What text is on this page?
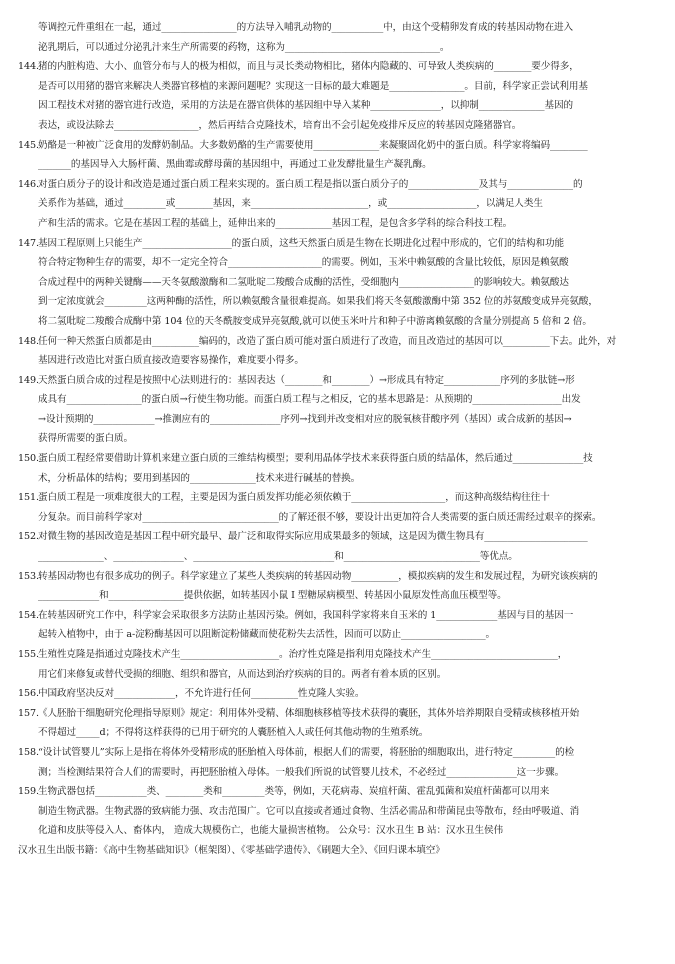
等调控元件重组在一起，通过________________的方法导入哺乳动物的___________中，由这个受精卵发育成的转基因动物在进入
泌乳期后，可以通过分泌乳汁来生产所需要的药物，这称为_________________________________。
144. 猪的内脏构造、大小、血管分布与人的极为相似，而且与灵长类动物相比，猪体内隐藏的、可导致人类疾病的________要少得多，
是否可以用猪的器官来解决人类器官移植的来源问题呢？实现这一目标的最大难题是________________。目前，科学家正尝试利用基
因工程技术对猪的器官进行改造，采用的方法是在器官供体的基因组中导入某种_______________，以抑制______________基因的
表达，或设法除去__________________，然后再结合克隆技术，培育出不会引起免疫排斥反应的转基因克隆猪器官。
145. 奶酪是一种被广泛食用的发酵奶制品。大多数奶酪的生产需要使用______________来凝聚固化奶中的蛋白质。科学家将编码________
_______的基因导入大肠杆菌、黑曲霉或酵母菌的基因组中，再通过工业发酵批量生产凝乳酶。
146. 对蛋白质分子的设计和改造是通过蛋白质工程来实现的。蛋白质工程是指以蛋白质分子的_______________及其与______________的
关系作为基础，通过_________或________基因，来_________________________，或___________________，以满足人类生
产和生活的需求。它是在基因工程的基础上，延伸出来的____________基因工程，是包含多学科的综合科技工程。
147. 基因工程原则上只能生产___________________的蛋白质，这些天然蛋白质是生物在长期进化过程中形成的，它们的结构和功能
符合特定物种生存的需要，却不一定完全符合____________________的需要。例如，玉米中赖氨酸的含量比较低，原因是赖氨酸
合成过程中的两种关键酶——天冬氨酸激酶和二氢吡啶二羧酸合成酶的活性，受细胞内________________的影响较大。赖氨酸达
到一定浓度就会_________这两种酶的活性，所以赖氨酸含量很难提高。如果我们将天冬氨酸激酶中第 352 位的苏氨酸变成异亮氨酸，
将二氢吡啶二羧酸合成酶中第 104 位的天冬酰胺变成异亮氨酸,就可以使玉米叶片和种子中游离赖氨酸的含量分别提高 5 倍和 2 倍。
148. 任何一种天然蛋白质都是由__________编码的，改造了蛋白质可能对蛋白质进行了改造，而且改造过的基因可以__________下去。此外，对
基因进行改造比对蛋白质直接改造要容易操作，难度要小得多。
149. 天然蛋白质合成的过程是按照中心法则进行的：基因表达（________和________）→形成具有特定____________序列的多肽链→形
成具有________________的蛋白质→行使生物功能。而蛋白质工程与之相反，它的基本思路是：从预期的___________________出发
→设计预期的_____________→推测应有的_______________序列→找到并改变相对应的脱氧核苷酸序列（基因）或合成新的基因→
获得所需要的蛋白质。
150. 蛋白质工程经常要借助计算机来建立蛋白质的三维结构模型；要利用晶体学技术来获得蛋白质的结晶体，然后通过_______________技
术，分析晶体的结构；要用到基因的______________技术来进行碱基的替换。
151. 蛋白质工程是一项难度很大的工程，主要是因为蛋白质发挥功能必须依赖于____________________，而这种高级结构往往十
分复杂。而目前科学家对_____________________________的了解还很不够，要设计出更加符合人类需要的蛋白质还需经过艰辛的探索。
152. 对微生物的基因改造是基因工程中研究最早、最广泛和取得实际应用成果最多的领域，这是因为微生物具有______________________
______________、_______________、______________________________和_____________________________等优点。
153. 转基因动物也有很多成功的例子。科学家建立了某些人类疾病的转基因动物__________，模拟疾病的发生和发展过程，为研究该疾病的
_____________和________________提供依据，如转基因小鼠 I 型糖尿病模型、转基因小鼠原发性高血压模型等。
154. 在转基因研究工作中，科学家会采取很多方法防止基因污染。例如，我国科学家将来自玉米的 1_____________基因与目的基因一
起转入植物中，由于 a-淀粉酶基因可以阻断淀粉储藏而使花粉失去活性，因而可以防止__________________。
155. 生殖性克隆是指通过克隆技术产生_____________________。治疗性克隆是指利用克隆技术产生___________________________，
用它们来修复或替代受损的细胞、组织和器官，从而达到治疗疾病的目的。两者有着本质的区别。
156. 中国政府坚决反对_____________，不允许进行任何__________性克隆人实验。
157. 《人胚胎干细胞研究伦理指导原则》规定：利用体外受精、体细胞核移植等技术获得的囊胚，其体外培养期限自受精或核移植开始
不得超过_____d；不得将这样获得的已用于研究的人囊胚植入人或任何其他动物的生殖系统。
158. “设计试管婴儿”实际上是指在将体外受精形成的胚胎植入母体前，根据人们的需要，将胚胎的细胞取出，进行特定_________的检
测；当检测结果符合人们的需要时，再把胚胎植入母体。一般我们所说的试管婴儿技术，不必经过_______________这一步骤。
159. 生物武器包括___________类、________类和_________类等，例如，天花病毒、炭疽杆菌、霍乱弧菌和炭疽杆菌都可以用来
制造生物武器。生物武器的致病能力强、攻击范围广。它可以直接或者通过食物、生活必需品和带菌昆虫等散布，经由呼吸道、消
化道和皮肤等侵入人、畜体内， 造成大规模伤亡，也能大量损害植物。 公众号：汉水丑生 B 站：汉水丑生侯伟
汉水丑生出版书籍：《高中生物基础知识》（框架图）、《零基础学遗传》、《刷题大全》、《回归课本填空》
